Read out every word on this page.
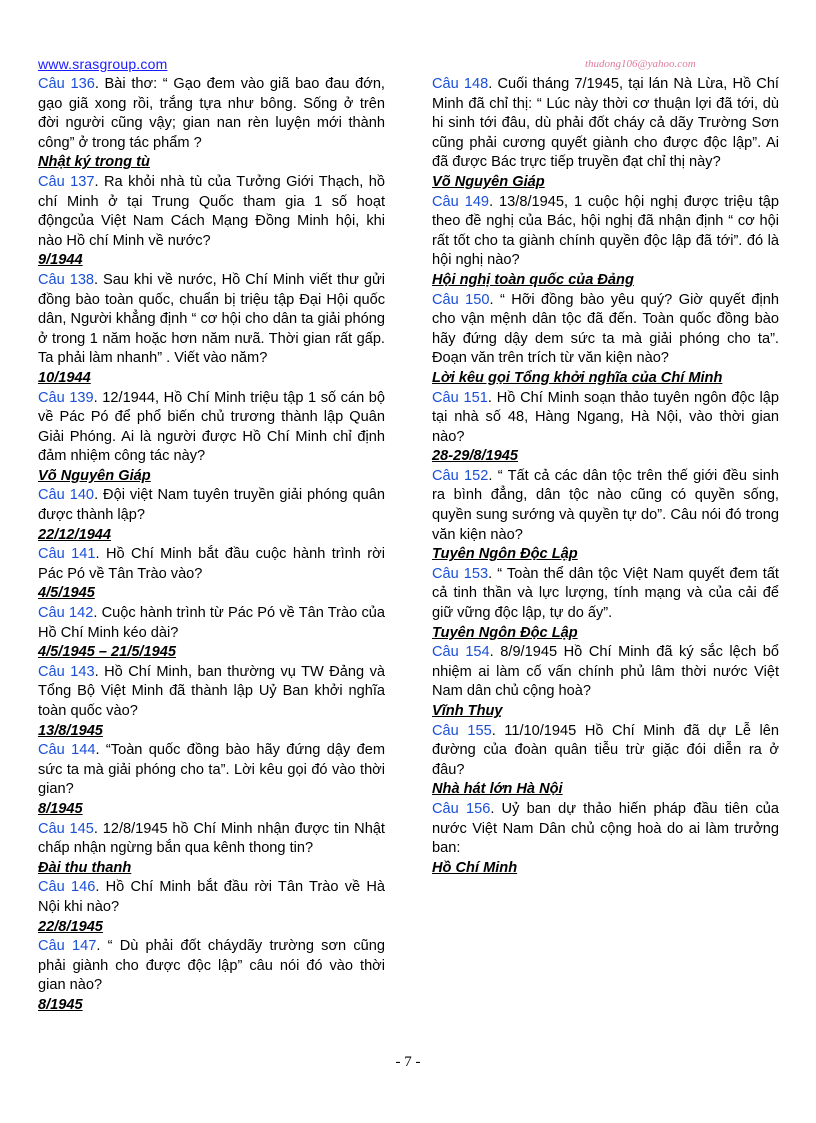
www.srasgroup.com	thudong106@yahoo.com

Câu 136. Bài thơ: “ Gạo đem vào giã bao đau đớn, gạo giã xong rồi, trắng tựa như bông. Sống ở trên đời người cũng vậy; gian nan rèn luyện mới thành công” ở trong tác phẩm ?

Nhật ký trong tù

Câu 137. Ra khỏi nhà tù của Tưởng Giới Thạch, hồ chí Minh ở tại Trung Quốc tham gia 1 số hoạt độngcủa Việt Nam Cách Mạng Đồng Minh hội, khi nào Hồ chí Minh về nước?

9/1944

Câu 138. Sau khi về nước, Hồ Chí Minh viết thư gửi đồng bào toàn quốc, chuẩn bị triệu tập Đại Hội quốc dân, Người khẳng định “ cơ hội cho dân ta giải phóng ở trong 1 năm hoặc hơn năm nưã. Thời gian rất gấp. Ta phải làm nhanh” . Viết vào năm?

10/1944

Câu 139. 12/1944, Hồ Chí Minh triệu tập 1 số cán bộ về Pác Pó để phổ biến chủ trương thành lập Quân Giải Phóng. Ai là người được Hồ Chí Minh chỉ định đảm nhiệm công tác này?

Võ Nguyên Giáp

Câu 140. Đội việt Nam tuyên truyền giải phóng quân được thành lập?

22/12/1944

Câu 141. Hồ Chí Minh bắt đầu cuộc hành trình rời Pác Pó về Tân Trào vào?

4/5/1945

Câu 142. Cuộc hành trình từ Pác Pó về Tân Trào của Hồ Chí Minh kéo dài?

4/5/1945 – 21/5/1945

Câu 143. Hồ Chí Minh, ban thường vụ TW Đảng và Tổng Bộ Việt Minh đã thành lập Uỷ Ban khởi nghĩa toàn quốc vào?

13/8/1945

Câu 144. “Toàn quốc đồng bào hãy đứng dậy đem sức ta mà giải phóng cho ta”. Lời kêu gọi đó vào thời gian?

8/1945

Câu 145. 12/8/1945 hồ Chí Minh nhận được tin Nhật chấp nhận ngừng bắn qua kênh thong tin?

Đài thu thanh

Câu 146. Hồ Chí Minh bắt đầu rời Tân Trào về Hà Nội khi nào?

22/8/1945

Câu 147. “ Dù phải đốt cháydãy trường sơn cũng phải giành cho được độc lập” câu nói đó vào thời gian nào?

8/1945

Câu 148. Cuối tháng 7/1945, tại lán Nà Lừa, Hồ Chí Minh đã chỉ thị: “ Lúc này thời cơ thuận lợi đã tới, dù hi sinh tới đâu, dù phải đốt cháy cả dãy Trường Sơn cũng phải cương quyết giành cho được độc lập”. Ai đã được Bác trực tiếp truyền đạt chỉ thị này?

Võ Nguyên Giáp

Câu 149. 13/8/1945, 1 cuộc hội nghị được triệu tập theo đề nghị của Bác, hội nghị đã nhận định “ cơ hội rất tốt cho ta giành chính quyền độc lập đã tới”. đó là hội nghị nào?

Hội nghị toàn quốc của Đảng

Câu 150. “ Hỡi đồng bào yêu quý? Giờ quyết định cho vận mệnh dân tộc đã đến. Toàn quốc đồng bào hãy đứng dậy dem sức ta mà giải phóng cho ta”. Đoạn văn trên trích từ văn kiện nào?

Lời kêu gọi Tổng khởi nghĩa của Chí Minh

Câu 151. Hồ Chí Minh soạn thảo tuyên ngôn độc lập tại nhà số 48, Hàng Ngang, Hà Nội, vào thời gian nào?

28-29/8/1945

Câu 152. “ Tất cả các dân tộc trên thế giới đều sinh ra bình đẳng, dân tộc nào cũng có quyền sống, quyền sung sướng và quyền tự do”. Câu nói đó trong văn kiện nào?

Tuyên Ngôn Độc Lập

Câu 153. “ Toàn thể dân tộc Việt Nam quyết đem tất cả tinh thần và lực lượng, tính mạng và của cải để giữ vững độc lập, tự do ấy”.

Tuyên Ngôn Độc Lập

Câu 154. 8/9/1945 Hồ Chí Minh đã ký sắc lệch bổ nhiệm ai làm cố vấn chính phủ lâm thời nước Việt Nam dân chủ cộng hoà?

Vĩnh Thuỵ

Câu 155. 11/10/1945 Hồ Chí Minh đã dự Lễ lên đường của đoàn quân tiễu trừ giặc đói diễn ra ở đâu?

Nhà hát lớn Hà Nội

Câu 156. Uỷ ban dự thảo hiến pháp đầu tiên của nước Việt Nam Dân chủ cộng hoà do ai làm trưởng ban:

Hồ Chí Minh

- 7 -
